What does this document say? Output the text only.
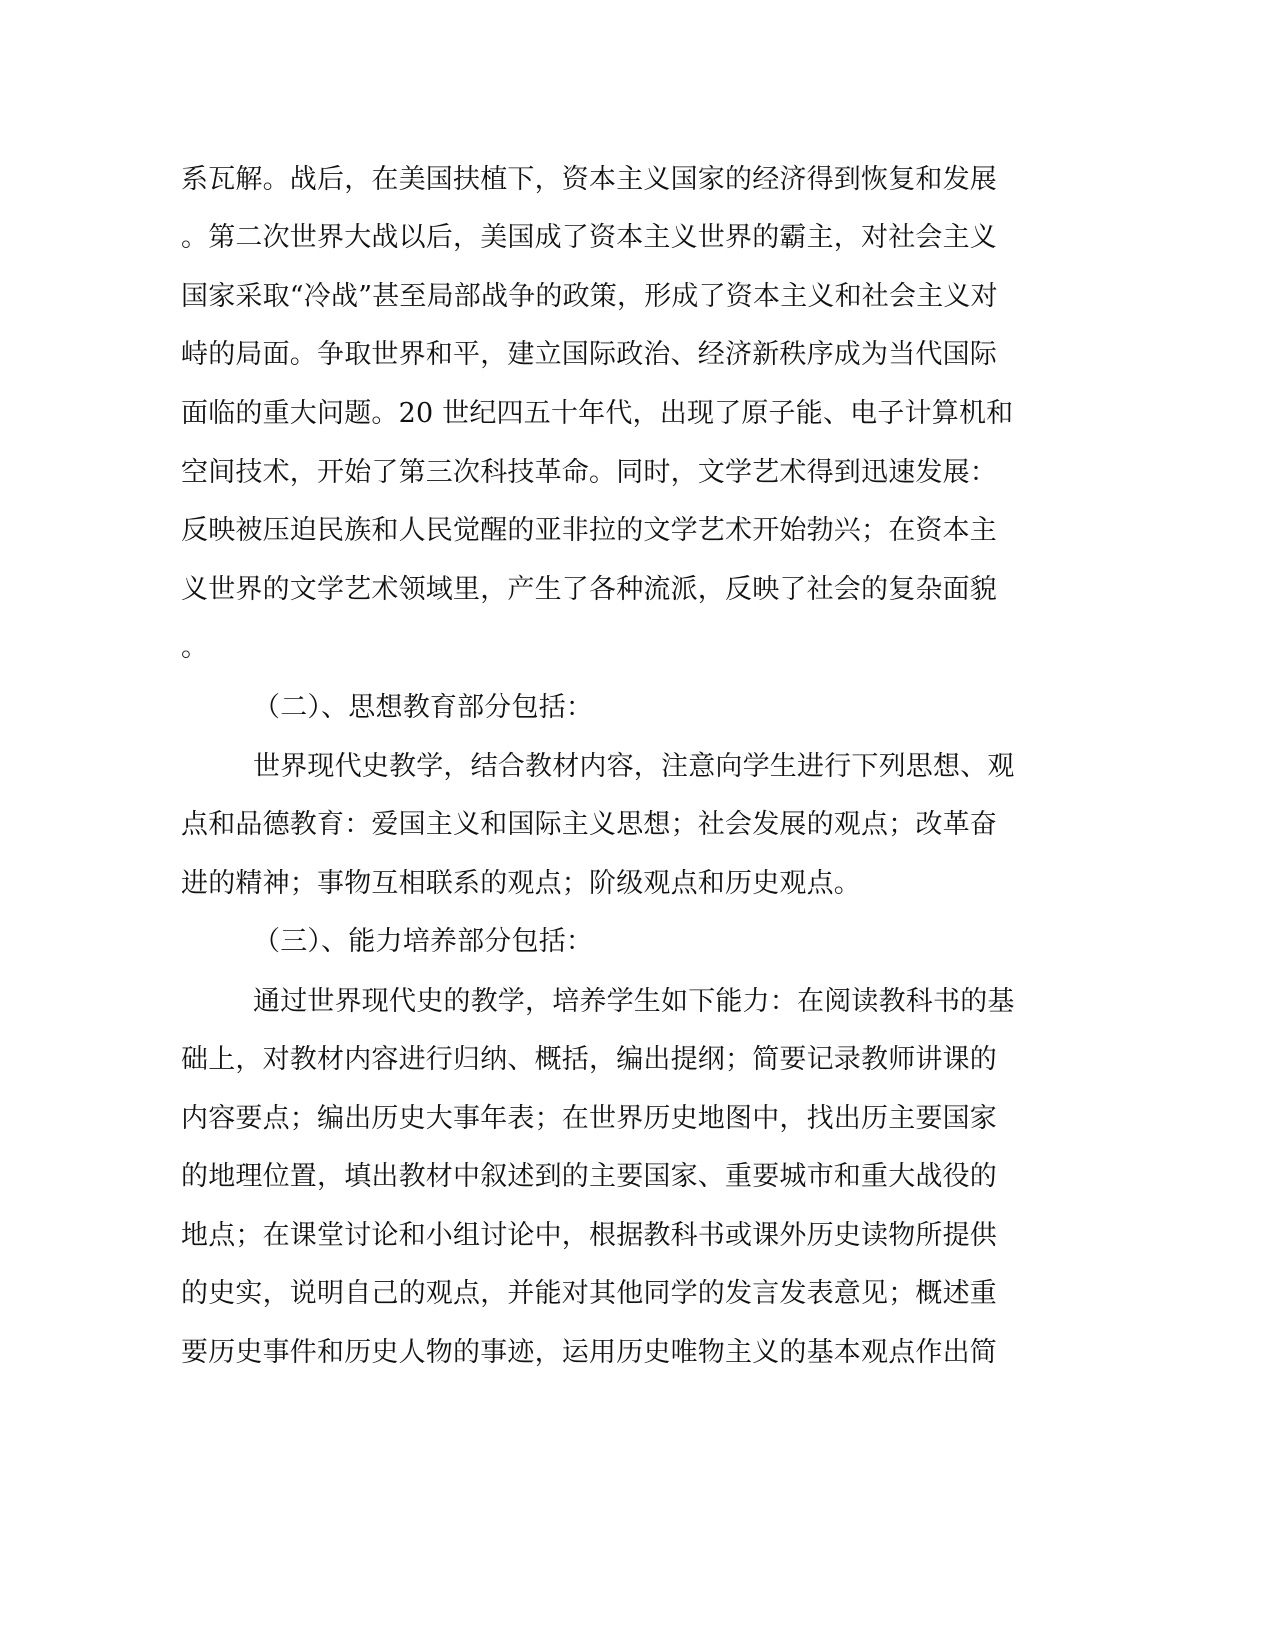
系瓦解。战后，在美国扶植下，资本主义国家的经济得到恢复和发展
。第二次世界大战以后，美国成了资本主义世界的霸主，对社会主义
国家采取“冷战”甚至局部战争的政策，形成了资本主义和社会主义对
峙的局面。争取世界和平，建立国际政治、经济新秩序成为当代国际
面临的重大问题。20 世纪四五十年代，出现了原子能、电子计算机和
空间技术，开始了第三次科技革命。同时，文学艺术得到迅速发展：
反映被压迫民族和人民觉醒的亚非拉的文学艺术开始勃兴；在资本主
义世界的文学艺术领域里，产生了各种流派，反映了社会的复杂面貌
。
（二）、思想教育部分包括：
世界现代史教学，结合教材内容，注意向学生进行下列思想、观
点和品德教育：爱国主义和国际主义思想；社会发展的观点；改革奋
进的精神；事物互相联系的观点；阶级观点和历史观点。
（三）、能力培养部分包括：
通过世界现代史的教学，培养学生如下能力：在阅读教科书的基
础上，对教材内容进行归纳、概括，编出提纲；简要记录教师讲课的
内容要点；编出历史大事年表；在世界历史地图中，找出历主要国家
的地理位置，填出教材中叙述到的主要国家、重要城市和重大战役的
地点；在课堂讨论和小组讨论中，根据教科书或课外历史读物所提供
的史实，说明自己的观点，并能对其他同学的发言发表意见；概述重
要历史事件和历史人物的事迹，运用历史唯物主义的基本观点作出简
